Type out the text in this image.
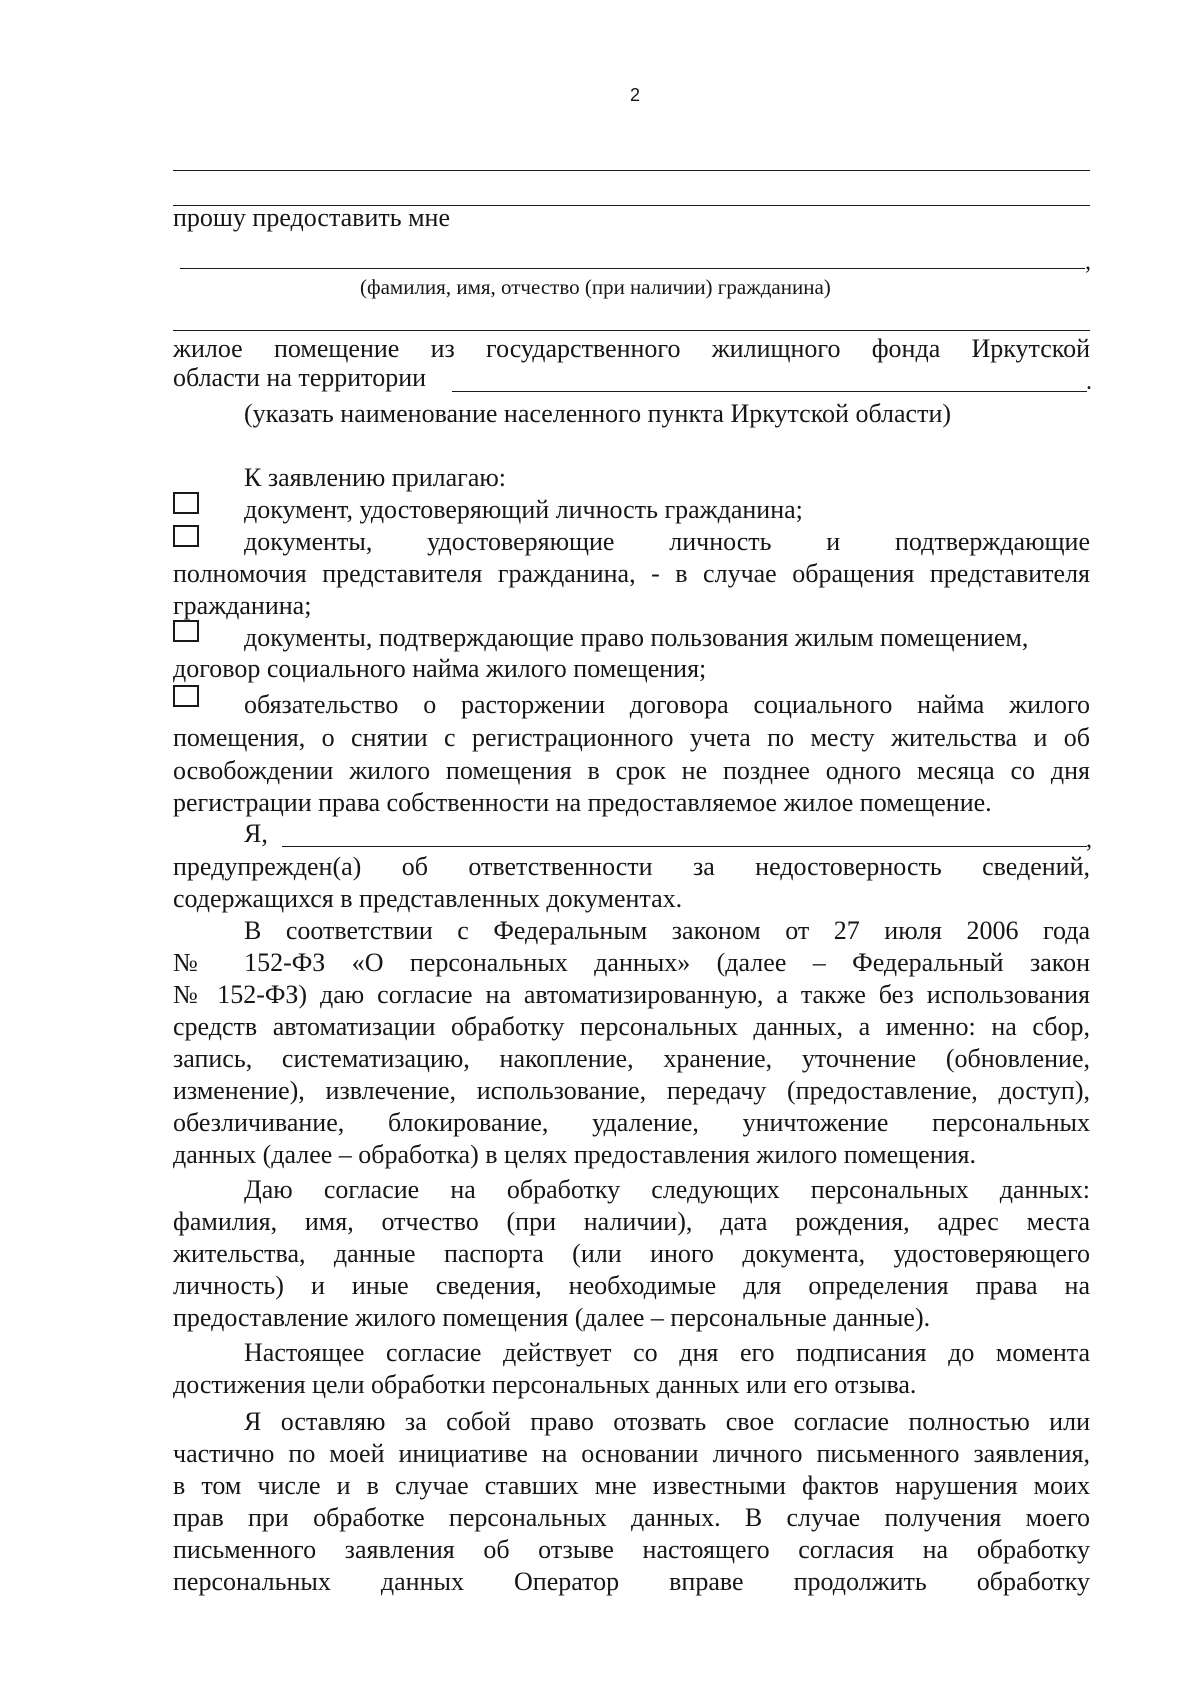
2
прошу предоставить мне
,
(фамилия, имя, отчество (при наличии) гражданина)
жилое помещение из государственного жилищного фонда Иркутской
области на территории	.
(указать наименование населенного пункта Иркутской области)
К заявлению прилагаю:
документ, удостоверяющий личность гражданина;
документы, удостоверяющие личность и подтверждающие
полномочия представителя гражданина, - в случае обращения представителя
гражданина;
документы, подтверждающие право пользования жилым помещением,
договор социального найма жилого помещения;
обязательство о расторжении договора социального найма жилого
помещения, о снятии с регистрационного учета по месту жительства и об
освобождении жилого помещения в срок не позднее одного месяца со дня
регистрации права собственности на предоставляемое жилое помещение.
Я,	,
предупрежден(а) об ответственности за недостоверность сведений,
содержащихся в представленных документах.
В соответствии с Федеральным законом от 27 июля 2006 года
№ 152-ФЗ «О персональных данных» (далее – Федеральный закон
№ 152-ФЗ) даю согласие на автоматизированную, а также без использования
средств автоматизации обработку персональных данных, а именно: на сбор,
запись, систематизацию, накопление, хранение, уточнение (обновление,
изменение), извлечение, использование, передачу (предоставление, доступ),
обезличивание, блокирование, удаление, уничтожение персональных
данных (далее – обработка) в целях предоставления жилого помещения.
Даю согласие на обработку следующих персональных данных:
фамилия, имя, отчество (при наличии), дата рождения, адрес места
жительства, данные паспорта (или иного документа, удостоверяющего
личность) и иные сведения, необходимые для определения права на
предоставление жилого помещения (далее – персональные данные).
Настоящее согласие действует со дня его подписания до момента
достижения цели обработки персональных данных или его отзыва.
Я оставляю за собой право отозвать свое согласие полностью или
частично по моей инициативе на основании личного письменного заявления,
в том числе и в случае ставших мне известными фактов нарушения моих
прав при обработке персональных данных. В случае получения моего
письменного заявления об отзыве настоящего согласия на обработку
персональных данных Оператор вправе продолжить обработку
